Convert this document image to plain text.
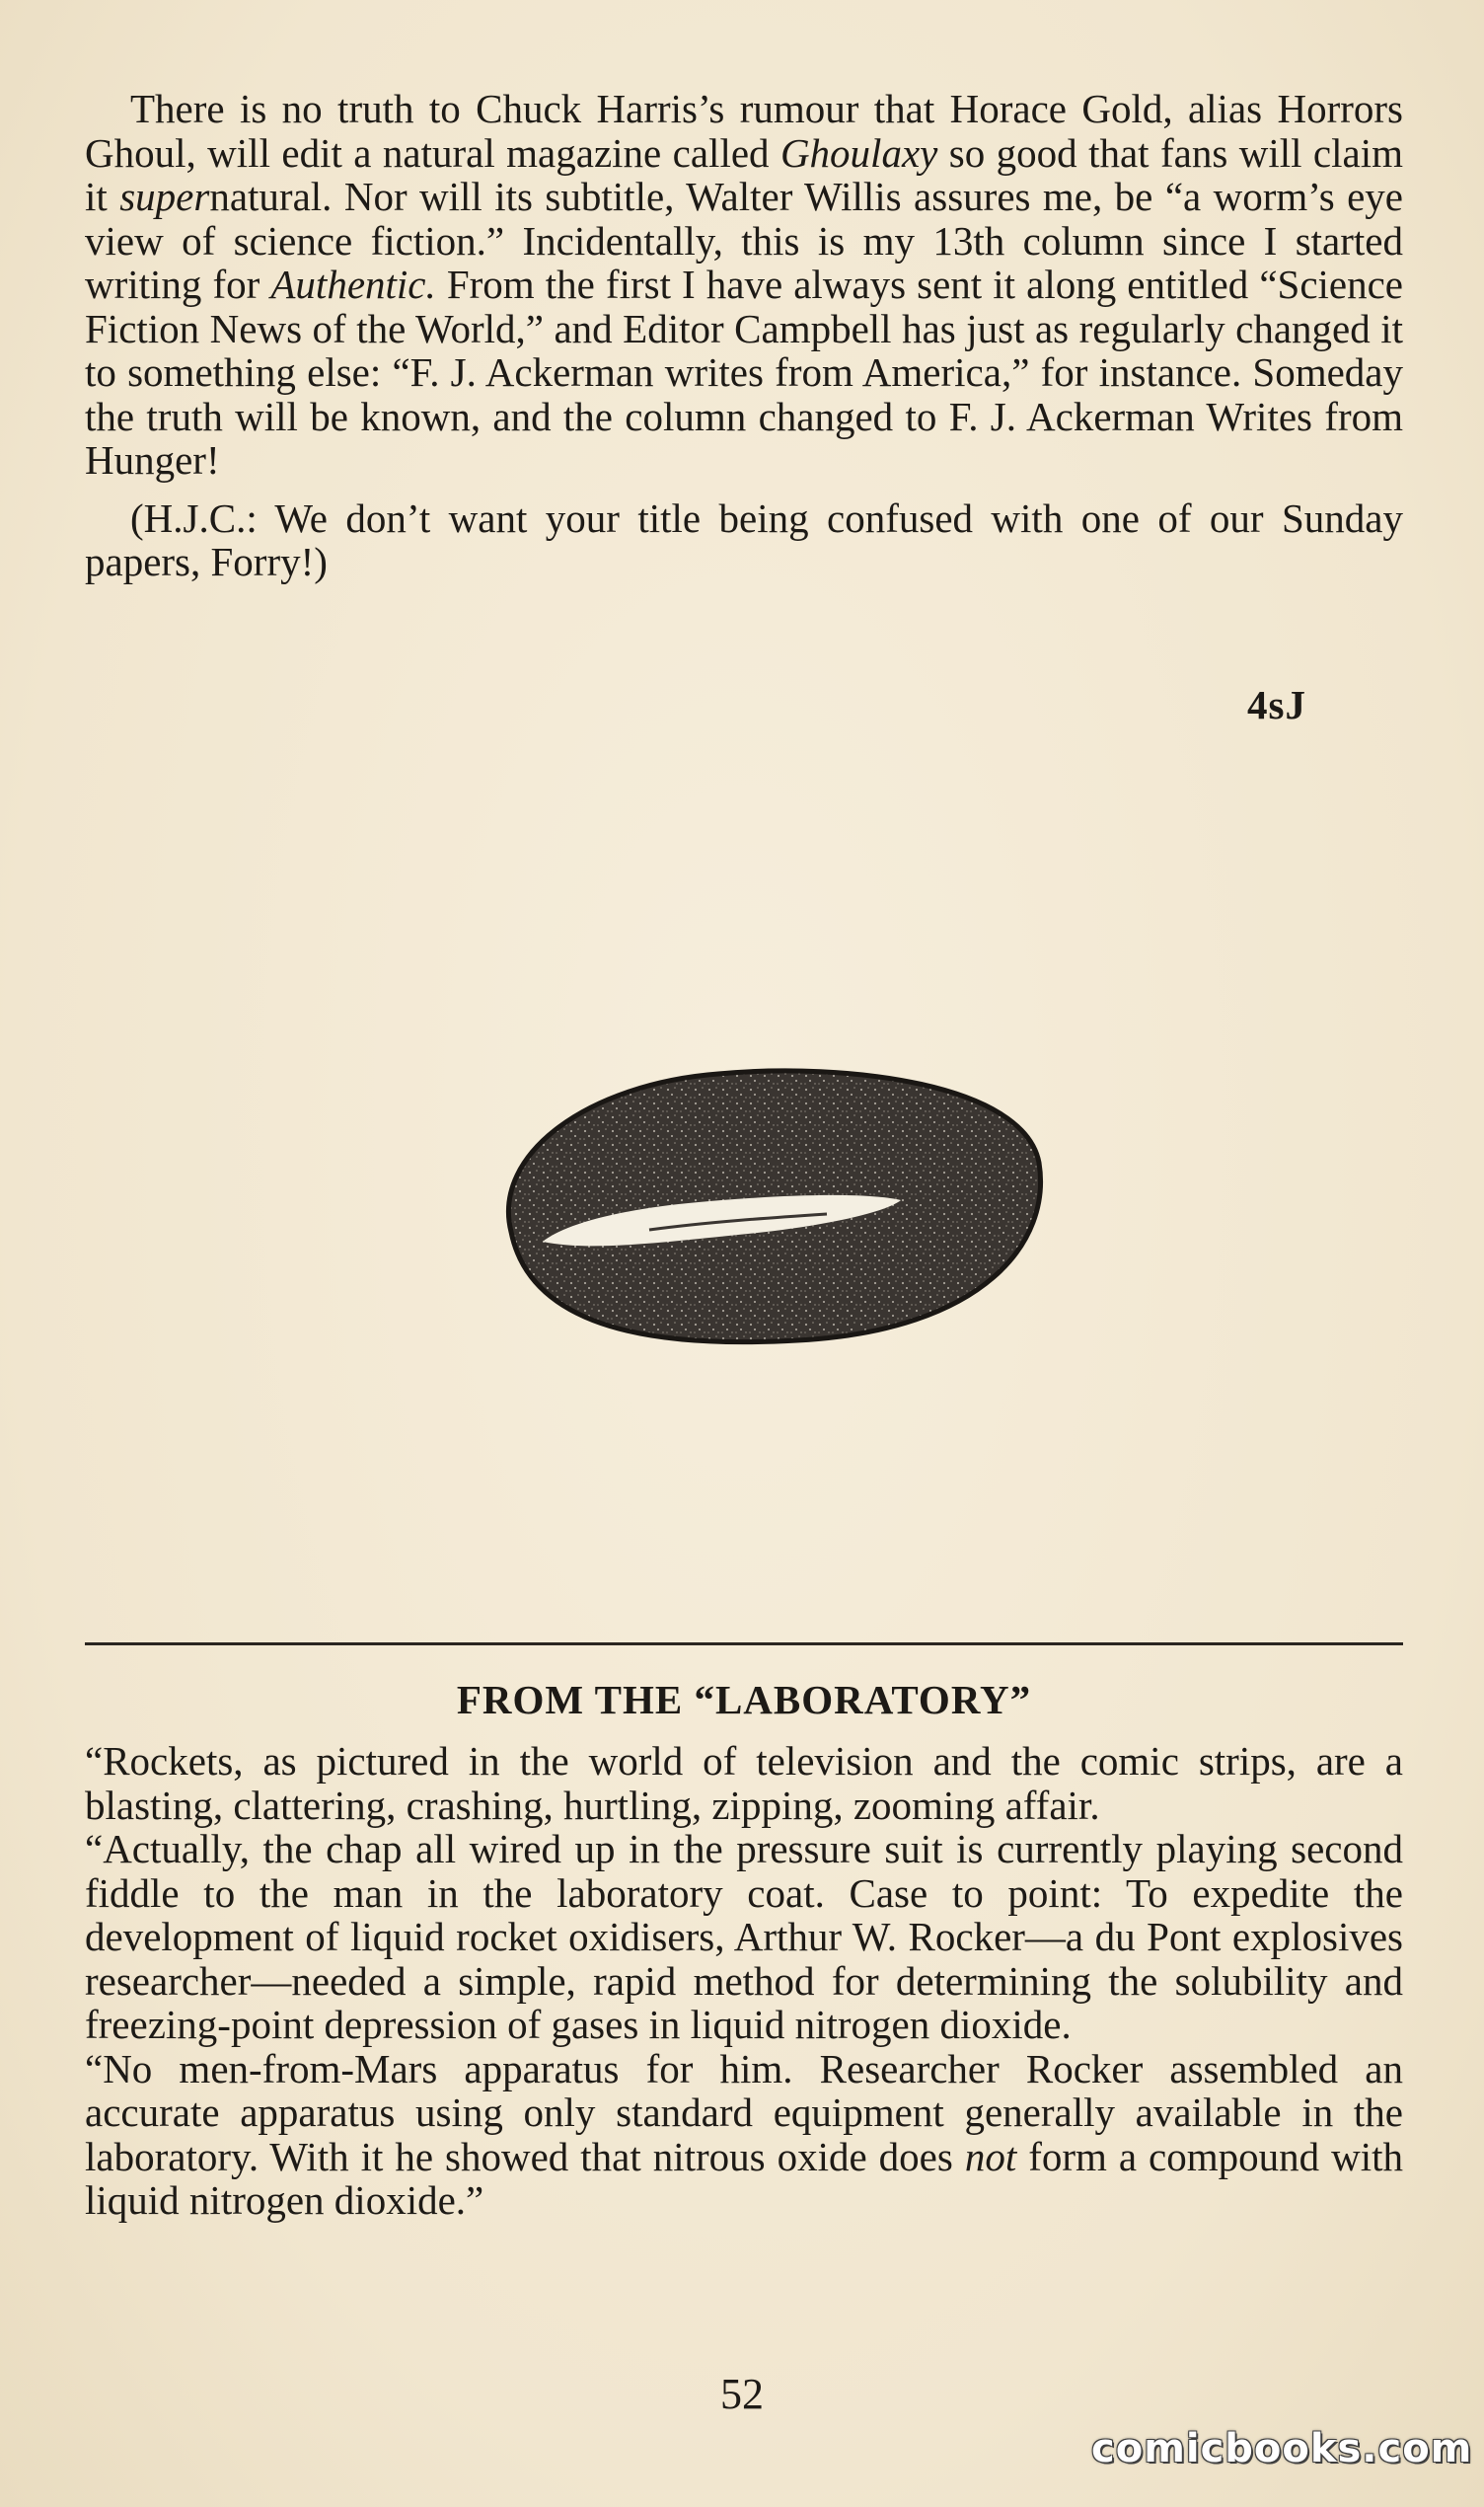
There is no truth to Chuck Harris’s rumour that Horace Gold, alias Horrors Ghoul, will edit a natural magazine called Ghoulaxy so good that fans will claim it supernatural. Nor will its subtitle, Walter Willis assures me, be “a worm’s eye view of science fiction.” Incidentally, this is my 13th column since I started writing for Authentic. From the first I have always sent it along entitled “Science Fiction News of the World,” and Editor Campbell has just as regularly changed it to something else: “F. J. Ackerman writes from America,” for instance. Someday the truth will be known, and the column changed to F. J. Ackerman Writes from Hunger!

(H.J.C.: We don’t want your title being confused with one of our Sunday papers, Forry!)

4sJ
FROM THE “LABORATORY”

“Rockets, as pictured in the world of television and the comic strips, are a blasting, clattering, crashing, hurtling, zipping, zooming affair.

“Actually, the chap all wired up in the pressure suit is currently playing second fiddle to the man in the laboratory coat. Case to point: To expedite the development of liquid rocket oxidisers, Arthur W. Rocker—a du Pont explosives researcher—needed a simple, rapid method for determining the solubility and freezing-point depression of gases in liquid nitrogen dioxide.

“No men-from-Mars apparatus for him. Researcher Rocker assembled an accurate apparatus using only standard equipment generally available in the laboratory. With it he showed that nitrous oxide does not form a compound with liquid nitrogen dioxide.”

52
comicbooks.com
